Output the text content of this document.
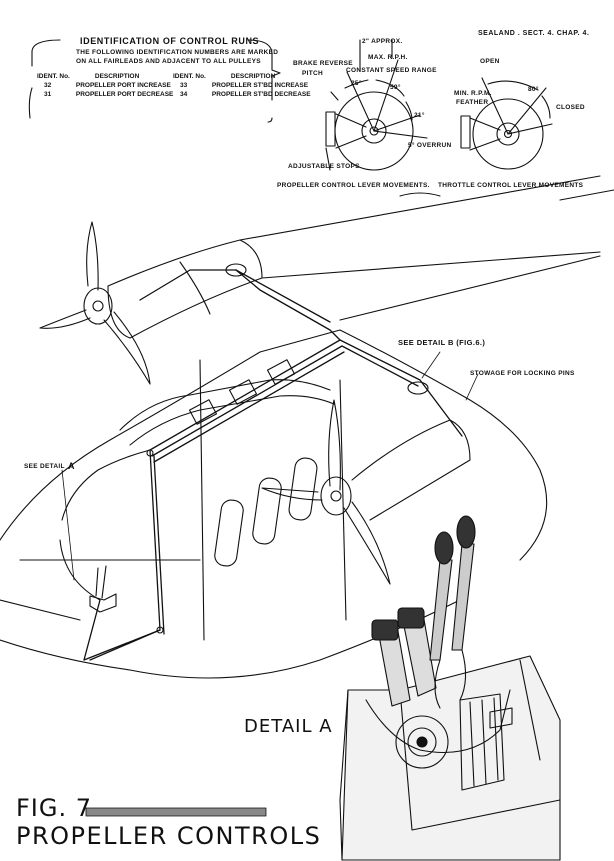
SEALAND . SECT. 4. CHAP. 4.
IDENTIFICATION OF CONTROL RUNS
THE FOLLOWING IDENTIFICATION NUMBERS ARE MARKED
ON ALL FAIRLEADS AND ADJACENT TO ALL PULLEYS
IDENT. No.	DESCRIPTION
32	PROPELLER PORT INCREASE
31	PROPELLER PORT DECREASE
IDENT. No.	DESCRIPTION
33	PROPELLER ST'BD INCREASE
34	PROPELLER ST'BD DECREASE
2" APPROX.
MAX. R.P.H.
CONSTANT SPEED RANGE
BRAKE REVERSE
PITCH
25°
59°
21°
5° OVERRUN
ADJUSTABLE STOPS
PROPELLER CONTROL LEVER MOVEMENTS.
OPEN
80°
CLOSED
MIN. R.P.M.
FEATHER
THROTTLE CONTROL LEVER MOVEMENTS
SEE DETAIL B (FIG.6.)
STOWAGE FOR LOCKING PINS
SEE DETAIL A
DETAIL A
FIG. 7
PROPELLER CONTROLS
